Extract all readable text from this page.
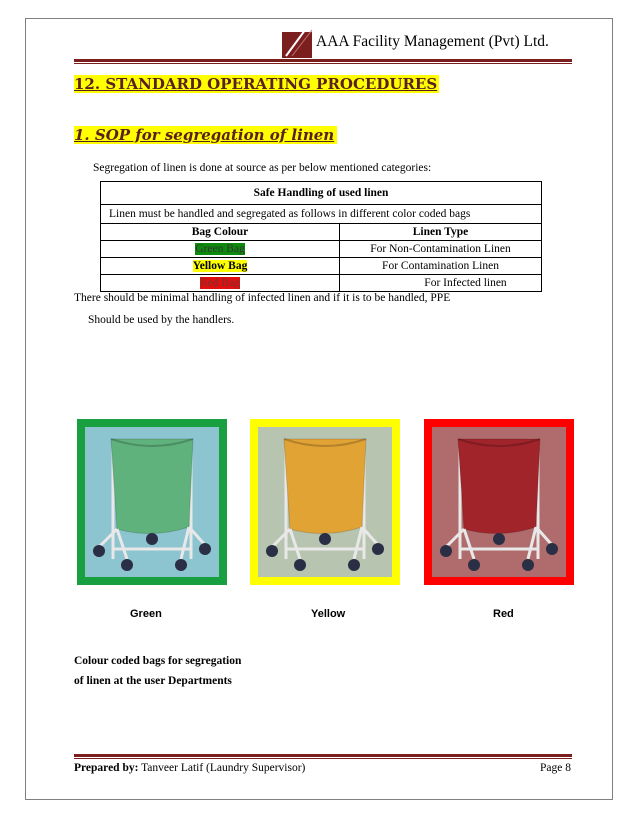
AAA Facility Management (Pvt) Ltd.
12. STANDARD OPERATING PROCEDURES
1. SOP for segregation of linen
Segregation of linen is done at source as per below mentioned categories:
Safe Handling of used linen	
Linen must be handled and segregated as follows in different color coded bags	
Bag Colour	Linen Type
Green Bag	For Non-Contamination Linen
Yellow Bag	For Contamination Linen
Red Bag	For Infected linen
There should be minimal handling of infected linen and if it is to be handled, PPE
Should be used by the handlers.
Green	Yellow	Red
Colour coded bags for segregation
of linen at the user Departments
Prepared by: Tanveer Latif (Laundry Supervisor)	Page 8
